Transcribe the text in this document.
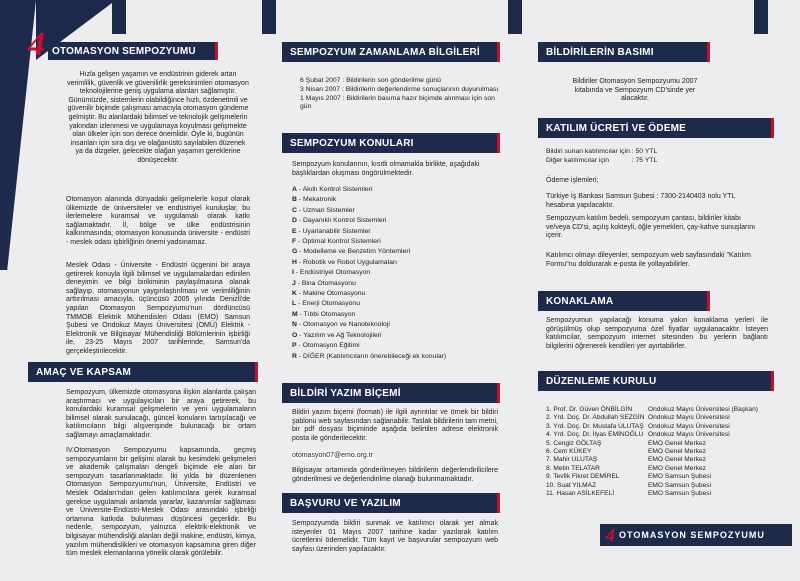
4 OTOMASYON SEMPOZYUMU
Hızla gelişen yaşamın ve endüstrinin giderek artan verimlilik, güvenlik ve güvenilirlik gereksinimleri otomasyon teknolojilerine geniş uygulama alanları sağlamıştır. Günümüzde, sistemlerin olabildiğince hızlı, özdenetimli ve güvenilir biçimde çalışması amacıyla otomasyon gündeme gelmiştir. Bu alanlardaki bilimsel ve teknolojik gelişmelerin yakından izlenmesi ve uygulamaya koyulması gelişmekte olan ülkeler için son derece önemlidir. Öyle ki, bugünün insanları için sıra dışı ve olağanüstü sayılabilen düzenek ya da dizgeler, gelecekte olağan yaşamın gereklerine dönüşecektir.
Otomasyon alanında dünyadaki gelişmelerle koşut olarak ülkemizde de üniversiteler ve endüstriyel kuruluşlar, bu ilerlemelere kuramsal ve uygulamalı olarak katkı sağlamaktadır. İl, bölge ve ülke endüstrisinin kalkınmasında; otomasyon konusunda üniversite - endüstri - meslek odası işbirliğinin önemi yadsınamaz.
Meslek Odası - Üniversite - Endüstri üçgenini bir araya getirerek konuyla ilgili bilimsel ve uygulamalardan edinilen deneyimin ve bilgi birikiminin paylaşılmasına olanak sağlayıp, otomasyonun yaygınlaştırılması ve verimliliğinin arttırılması amacıyla, üçüncüsü 2005 yılında Denizli'de yapılan Otomasyon Sempozyumu'nun dördüncüsü TMMOB Elektrik Mühendisleri Odası (EMO) Samsun Şubesi ve Ondokuz Mayıs Üniversitesi (OMÜ) Elektrik - Elektronik ve Bilgisayar Mühendisliği Bölümlerinin işbirliği ile, 23-25 Mayıs 2007 tarihlerinde, Samsun'da gerçekleştirilecektir.
AMAÇ VE KAPSAM
Sempozyum, ülkemizde otomasyona ilişkin alanlarda çalışan araştırmacı ve uygulayıcıları bir araya getirerek, bu konulardaki kuramsal gelişmelerin ve yeni uygulamaların bilimsel olarak sunulacağı, güncel konuların tartışılacağı ve katılımcıların bilgi alışverişinde bulunacağı bir ortam sağlamayı amaçlamaktadır.
IV.Otomasyon Sempozyumu kapsamında, geçmiş sempozyumların bir gelişimi olarak bu kesimdeki gelişmeleri ve akademik çalışmaları dengeli biçimde ele alan bir sempozyum tasarlanmaktadır. İki yılda bir düzenlenen Otomasyon Sempozyumu'nun, Üniversite, Endüstri ve Meslek Odaları'ndan gelen katılımcılara gerek kuramsal gerekse uygulamalı anlamda yararlar, kazanımlar sağlaması ve Üniversite-Endüstri-Meslek Odası arasındaki işbirliği ortamına katkıda bulunması düşüncesi geçerlidir. Bu nedenle, sempozyum, yalnızca elektrik-elektronik ve bilgisayar mühendisliği alanları değil makine, endüstri, kimya, yazılım mühendislikleri ve otomasyon kapsamına giren diğer tüm meslek elemanlarına yönelik olarak görülebilir.
SEMPOZYUM ZAMANLAMA BİLGİLERİ
6 Şubat 2007 : Bildirilerin son gönderilme günü
3 Nisan 2007 : Bildirilerin değerlendirme sonuçlarının duyurulması
1 Mayıs 2007 : Bildirilerin basıma hazır biçimde alınması için son gün
SEMPOZYUM KONULARI
Sempozyum konularının, kısıtlı olmamakla birlikte, aşağıdaki başlıklardan oluşması öngörülmektedir.
A - Akıllı Kontrol Sistemleri
B - Mekatronik
C - Uzman Sistemler
D - Dayanıklı Kontrol Sistemleri
E - Uyarlanabilir Sistemler
F - Optimal Kontrol Sistemleri
G - Modelleme ve Benzetim Yöntemleri
H - Robotik ve Robot Uygulamaları
I - Endüstriyel Otomasyon
J - Bina Otomasyonu
K - Makine Otomasyonu
L - Enerji Otomasyonu
M - Tıbbi Otomasyon
N - Otomasyon ve Nanoteknoloji
O - Yazılım ve Ağ Teknolojileri
P - Otomasyon Eğitimi
R - DİĞER (Katılımcıların önerebileceği ek konular)
BİLDİRİ YAZIM BİÇEMİ
Bildiri yazım biçemi (formatı) ile ilgili ayrıntılar ve örnek bir bildiri şablonu web sayfasından sağlanabilir. Taslak bildirilerin tam metni, bir pdf dosyası biçiminde aşağıda belirtilen adrese elektronik posta ile gönderilecektir.
otomasyon07@emo.org.tr
Bilgisayar ortamında gönderilmeyen bildirilerin değerlendirilicilere gönderilmesi ve değerlendirilme olanağı bulunmamaktadır.
BAŞVURU VE YAZILIM
Sempozyumda bildiri sunmak ve katılımcı olarak yer almak isteyenler 01 Mayıs 2007 tarihine kadar yazılarak katılım ücretlerini ödemelidir. Tüm kayıt ve başvurular sempozyum web sayfası üzerinden yapılacaktır.
BİLDİRİLERİN BASIMI
Bildiriler Otomasyon Sempozyumu 2007 kitabında ve Sempozyum CD'sinde yer alacaktır.
KATILIM ÜCRETİ VE ÖDEME
Bildiri sunan katılımcılar için : 50 YTL
Diğer katılımcılar için            : 75 YTL
Ödeme işlemleri;
Türkiye İş Bankası Samsun Şubesi : 7300-2140403 nolu YTL hesabına yapılacaktır.
Sempozyum katılım bedeli, sempozyum çantası, bildiriler kitabı ve/veya CD'si, açılış kokteyli, öğle yemekleri, çay-kahve sunuşlarını içerir.
Katılımcı olmayı dileyenler, sempozyum web sayfasındaki "Katılım Formu"nu doldurarak e-posta ile yollayabilirler.
KONAKLAMA
Sempozyumun yapılacağı konuma yakın konaklama yerleri ile görüşülmüş olup sempozyuma özel fiyatlar uygulanacaktır. İsteyen katılımcılar, sempozyum internet sitesinden bu yerlerin bağlantı bilgilerini öğrenerek kendileri yer ayırtabilirler.
DÜZENLEME KURULU
1. Prof. Dr. Güven ÖNBİLGİN	Ondokuz Mayıs Üniversitesi (Başkan)
2. Yrd. Doç. Dr. Abdullah SEZGİN Ondokuz Mayıs Üniversitesi
3. Yrd. Doç. Dr. Mustafa ULUTAŞ Ondokuz Mayıs Üniversitesi
4. Yrd. Doç. Dr. İlyas EMİNOĞLU Ondokuz Mayıs Üniversitesi
5. Cengiz GÖLTAŞ	EMO Genel Merkez
6. Cem KÜKEY	EMO Genel Merkez
7. Mahir ULUTAŞ	EMO Genel Merkez
8. Metin TELATAR	EMO Genel Merkez
9. Tevfik Fikret DEMİREL	EMO Samsun Şubesi
10. Suat YILMAZ	EMO Samsun Şubesi
11. Hasan ASİLKEFELİ	EMO Samsun Şubesi
4 OTOMASYON SEMPOZYUMU
